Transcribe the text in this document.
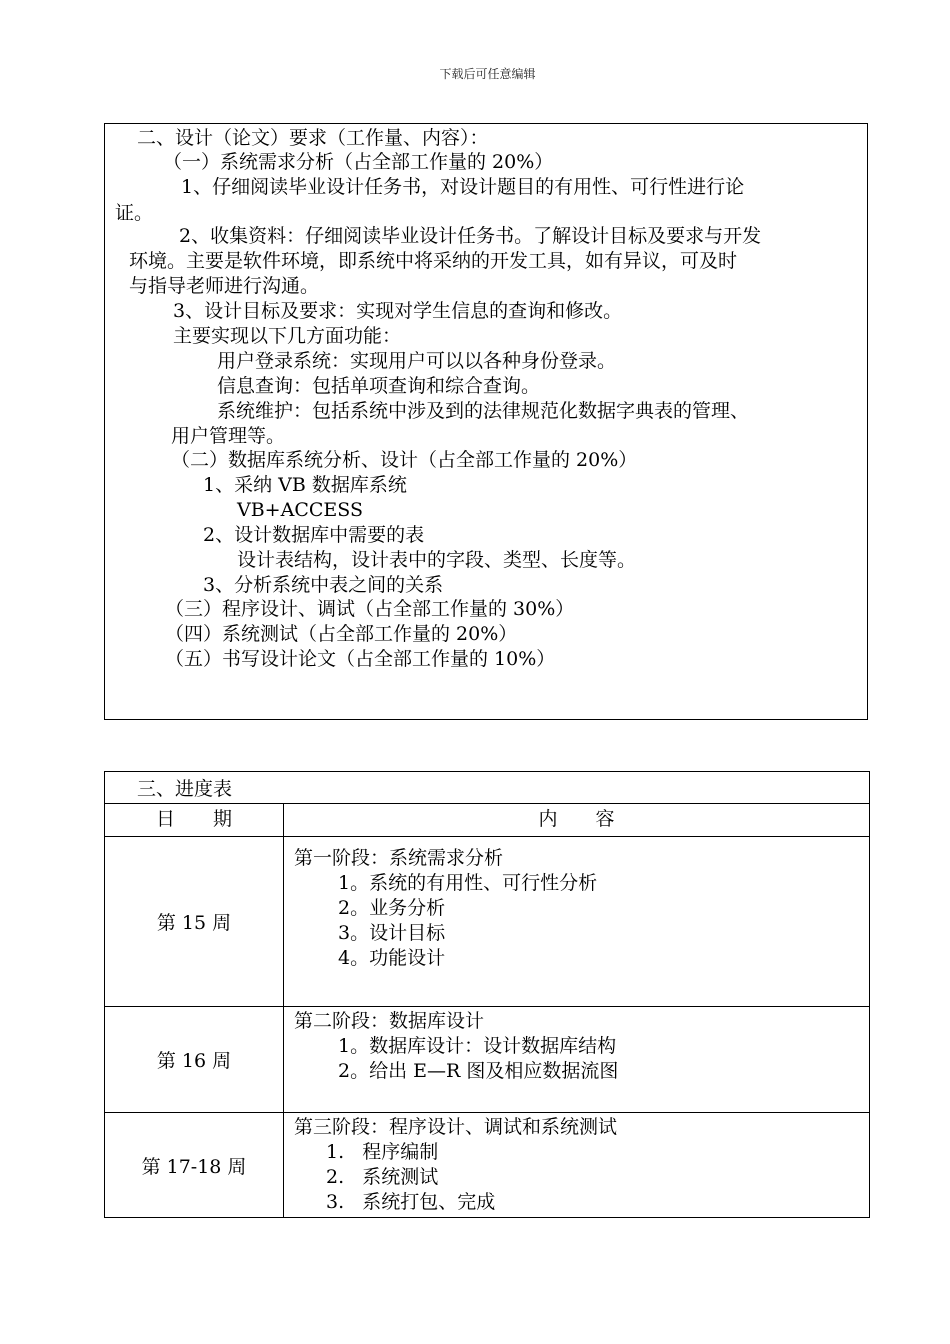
下载后可任意编辑
二、设计（论文）要求（工作量、内容）：
（一）系统需求分析（占全部工作量的 20%）
1、仔细阅读毕业设计任务书，对设计题目的有用性、可行性进行论
证。
2、收集资料：仔细阅读毕业设计任务书。了解设计目标及要求与开发
环境。主要是软件环境，即系统中将采纳的开发工具，如有异议，可及时
与指导老师进行沟通。
3、设计目标及要求：实现对学生信息的查询和修改。
主要实现以下几方面功能：
用户登录系统：实现用户可以以各种身份登录。
信息查询：包括单项查询和综合查询。
系统维护：包括系统中涉及到的法律规范化数据字典表的管理、
用户管理等。
（二）数据库系统分析、设计（占全部工作量的 20%）
1、采纳 VB 数据库系统
VB+ACCESS
2、设计数据库中需要的表
设计表结构，设计表中的字段、类型、长度等。
3、分析系统中表之间的关系
（三）程序设计、调试（占全部工作量的 30%）
（四）系统测试（占全部工作量的 20%）
（五）书写设计论文（占全部工作量的 10%）
三、进度表	
日　　期	内　　容
第 15 周	第一阶段：系统需求分析
1。系统的有用性、可行性分析
2。业务分析
3。设计目标
4。功能设计

第 16 周	第二阶段：数据库设计
1。数据库设计：设计数据库结构
2。给出 E—R 图及相应数据流图

第 17-18 周	第三阶段：程序设计、调试和系统测试
1.   程序编制
2.   系统测试
3.   系统打包、完成
